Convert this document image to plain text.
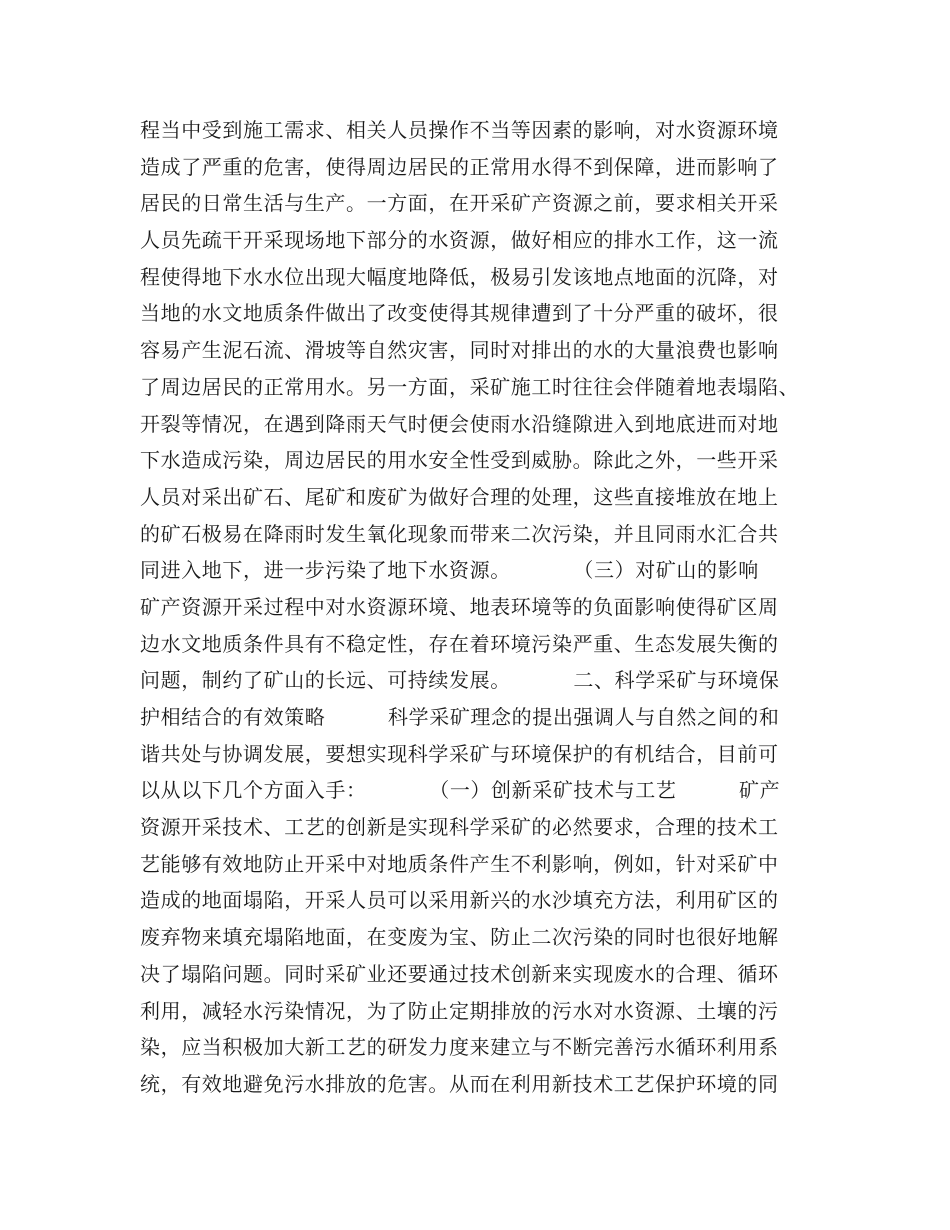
程当中受到施工需求、相关人员操作不当等因素的影响，对水资源环境
造成了严重的危害，使得周边居民的正常用水得不到保障，进而影响了
居民的日常生活与生产。一方面，在开采矿产资源之前，要求相关开采
人员先疏干开采现场地下部分的水资源，做好相应的排水工作，这一流
程使得地下水水位出现大幅度地降低，极易引发该地点地面的沉降，对
当地的水文地质条件做出了改变使得其规律遭到了十分严重的破坏，很
容易产生泥石流、滑坡等自然灾害，同时对排出的水的大量浪费也影响
了周边居民的正常用水。另一方面，采矿施工时往往会伴随着地表塌陷、
开裂等情况，在遇到降雨天气时便会使雨水沿缝隙进入到地底进而对地
下水造成污染，周边居民的用水安全性受到威胁。除此之外，一些开采
人员对采出矿石、尾矿和废矿为做好合理的处理，这些直接堆放在地上
的矿石极易在降雨时发生氧化现象而带来二次污染，并且同雨水汇合共
同进入地下，进一步污染了地下水资源。         （三）对矿山的影响
矿产资源开采过程中对水资源环境、地表环境等的负面影响使得矿区周
边水文地质条件具有不稳定性，存在着环境污染严重、生态发展失衡的
问题，制约了矿山的长远、可持续发展。         二、科学采矿与环境保
护相结合的有效策略         科学采矿理念的提出强调人与自然之间的和
谐共处与协调发展，要想实现科学采矿与环境保护的有机结合，目前可
以从以下几个方面入手：         （一）创新采矿技术与工艺         矿产
资源开采技术、工艺的创新是实现科学采矿的必然要求，合理的技术工
艺能够有效地防止开采中对地质条件产生不利影响，例如，针对采矿中
造成的地面塌陷，开采人员可以采用新兴的水沙填充方法，利用矿区的
废弃物来填充塌陷地面，在变废为宝、防止二次污染的同时也很好地解
决了塌陷问题。同时采矿业还要通过技术创新来实现废水的合理、循环
利用，减轻水污染情况，为了防止定期排放的污水对水资源、土壤的污
染，应当积极加大新工艺的研发力度来建立与不断完善污水循环利用系
统，有效地避免污水排放的危害。从而在利用新技术工艺保护环境的同
